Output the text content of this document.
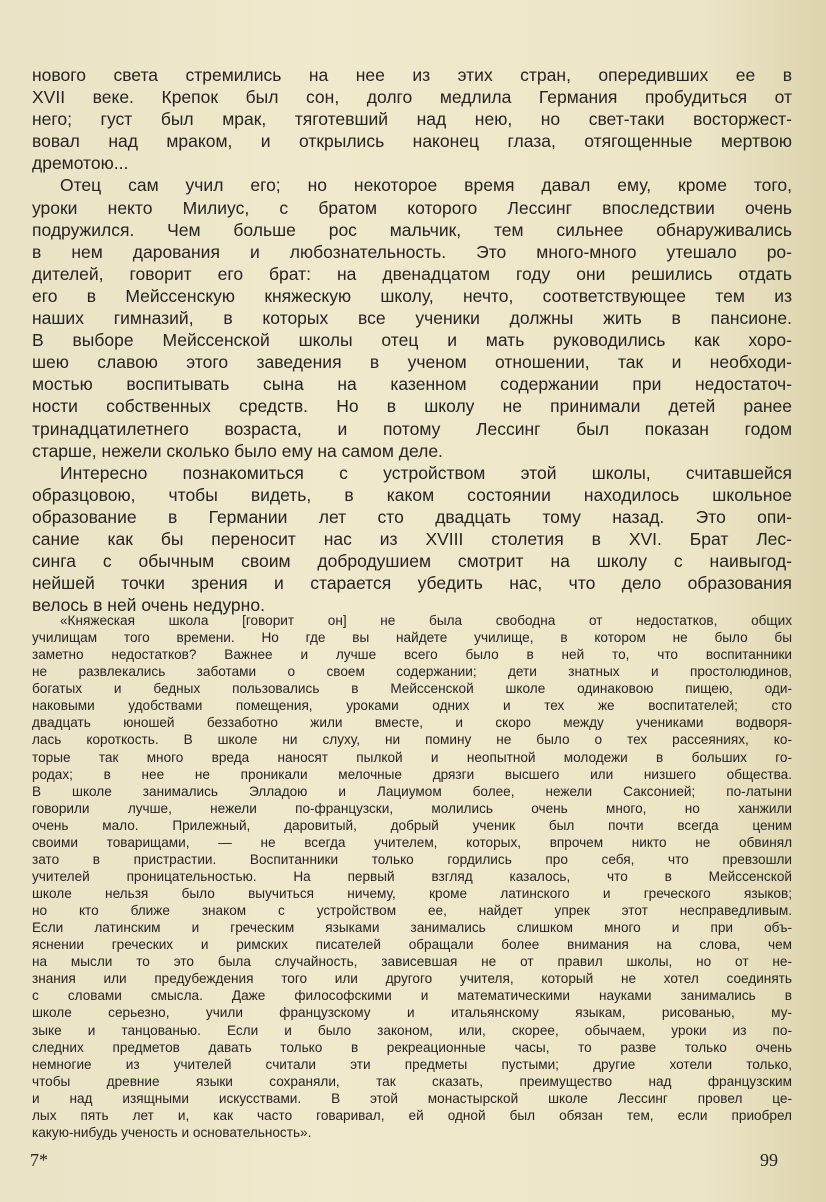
нового света стремились на нее из этих стран, опередивших ее в
XVII веке. Крепок был сон, долго медлила Германия пробудиться от
него; густ был мрак, тяготевший над нею, но свет-таки восторжест-
вовал над мраком, и открылись наконец глаза, отягощенные мертвою
дремотою...
Отец сам учил его; но некоторое время давал ему, кроме того,
уроки некто Милиус, с братом которого Лессинг впоследствии очень
подружился. Чем больше рос мальчик, тем сильнее обнаруживались
в нем дарования и любознательность. Это много-много утешало ро-
дителей, говорит его брат: на двенадцатом году они решились отдать
его в Мейссенскую княжескую школу, нечто, соответствующее тем из
наших гимназий, в которых все ученики должны жить в пансионе.
В выборе Мейссенской школы отец и мать руководились как хоро-
шею славою этого заведения в ученом отношении, так и необходи-
мостью воспитывать сына на казенном содержании при недостаточ-
ности собственных средств. Но в школу не принимали детей ранее
тринадцатилетнего возраста, и потому Лессинг был показан годом
старше, нежели сколько было ему на самом деле.
Интересно познакомиться с устройством этой школы, считавшейся
образцовою, чтобы видеть, в каком состоянии находилось школьное
образование в Германии лет сто двадцать тому назад. Это опи-
сание как бы переносит нас из XVIII столетия в XVI. Брат Лес-
синга с обычным своим добродушием смотрит на школу с наивыгод-
нейшей точки зрения и старается убедить нас, что дело образования
велось в ней очень недурно.
«Княжеская школа [говорит он] не была свободна от недостатков, общих
училищам того времени. Но где вы найдете училище, в котором не было бы
заметно недостатков? Важнее и лучше всего было в ней то, что воспитанники
не развлекались заботами о своем содержании; дети знатных и простолюдинов,
богатых и бедных пользовались в Мейссенской школе одинаковою пищею, оди-
наковыми удобствами помещения, уроками одних и тех же воспитателей; сто
двадцать юношей беззаботно жили вместе, и скоро между учениками водворя-
лась короткость. В школе ни слуху, ни помину не было о тех рассеяниях, ко-
торые так много вреда наносят пылкой и неопытной молодежи в больших го-
родах; в нее не проникали мелочные дрязги высшего или низшего общества.
В школе занимались Элладою и Лациумом более, нежели Саксонией; по-латыни
говорили лучше, нежели по-французски, молились очень много, но ханжили
очень мало. Прилежный, даровитый, добрый ученик был почти всегда ценим
своими товарищами, — не всегда учителем, которых, впрочем никто не обвинял
зато в пристрастии. Воспитанники только гордились про себя, что превзошли
учителей проницательностью. На первый взгляд казалось, что в Мейссенской
школе нельзя было выучиться ничему, кроме латинского и греческого языков;
но кто ближе знаком с устройством ее, найдет упрек этот несправедливым.
Если латинским и греческим языками занимались слишком много и при объ-
яснении греческих и римских писателей обращали более внимания на слова, чем
на мысли то это была случайность, зависевшая не от правил школы, но от не-
знания или предубеждения того или другого учителя, который не хотел соединять
с словами смысла. Даже философскими и математическими науками занимались в
школе серьезно, учили французскому и итальянскому языкам, рисованью, му-
зыке и танцованью. Если и было законом, или, скорее, обычаем, уроки из по-
следних предметов давать только в рекреационные часы, то разве только очень
немногие из учителей считали эти предметы пустыми; другие хотели только,
чтобы древние языки сохраняли, так сказать, преимущество над французским
и над изящными искусствами. В этой монастырской школе Лессинг провел це-
лых пять лет и, как часто говаривал, ей одной был обязан тем, если приобрел
какую-нибудь ученость и основательность».
7*	99
